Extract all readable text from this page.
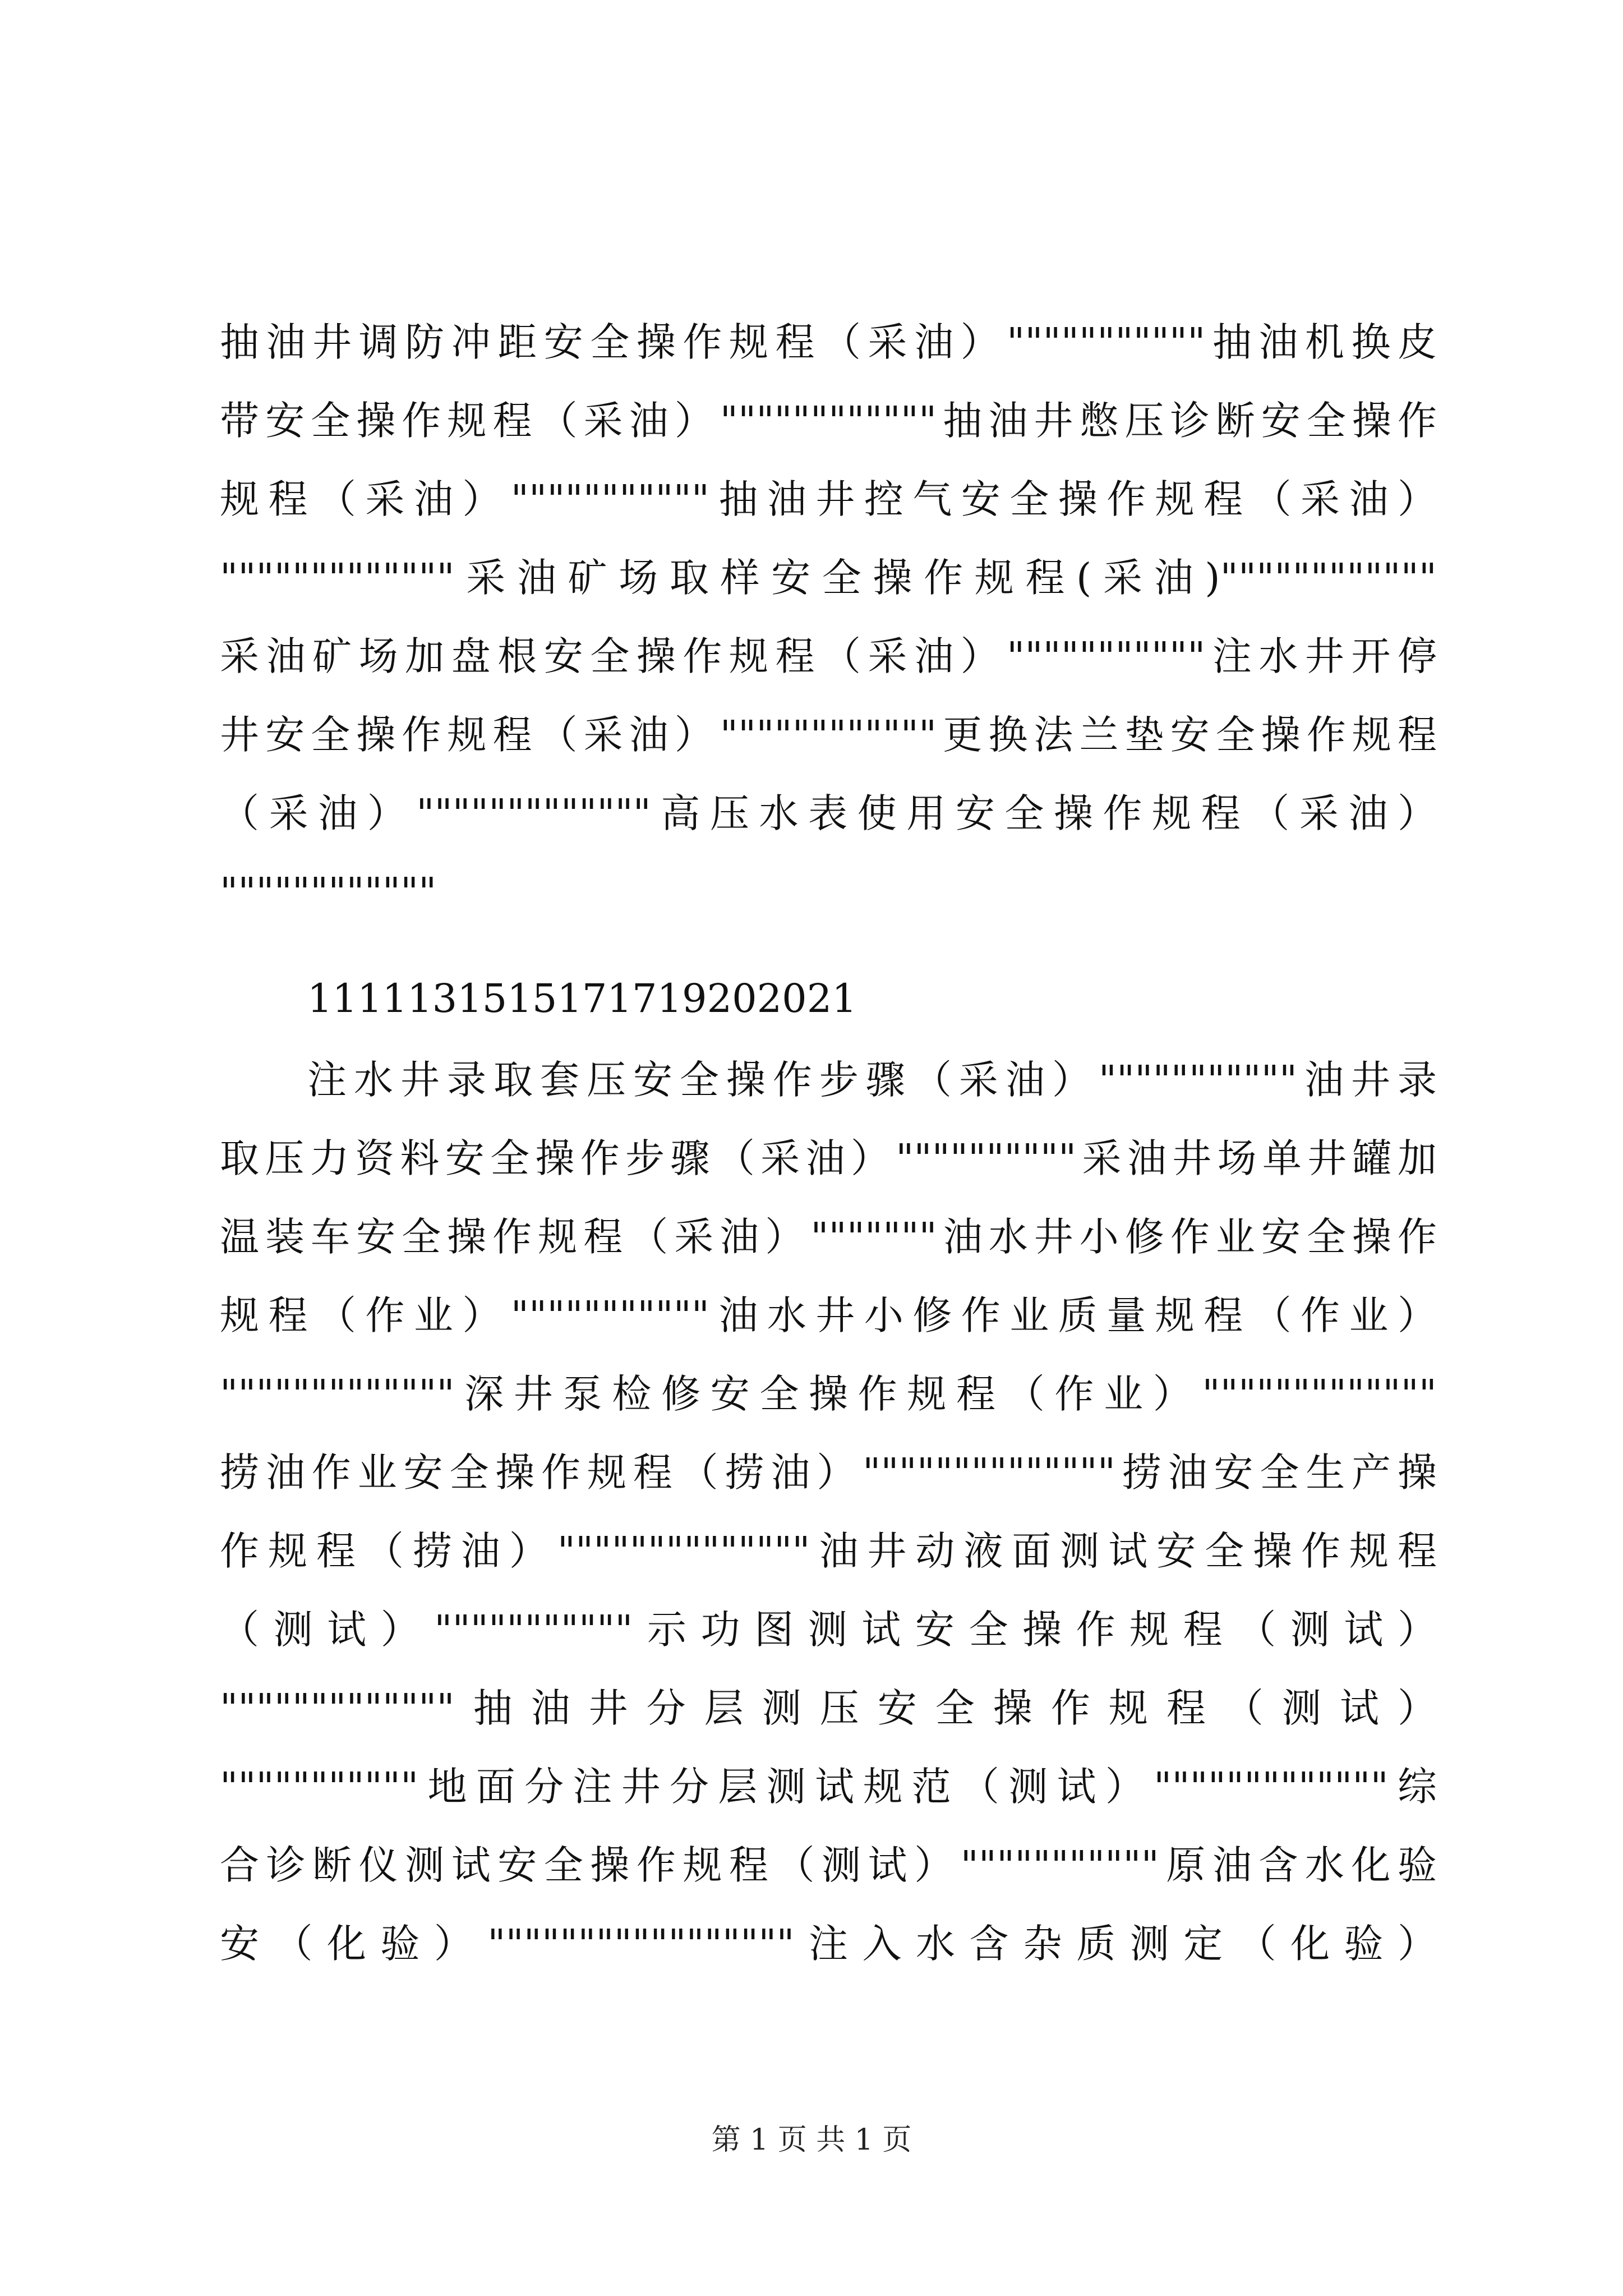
抽油井调防冲距安全操作规程（采油）"""""""""""抽油机换皮
带安全操作规程（采油）""""""""""""抽油井憋压诊断安全操作
规程（采油）"""""""""""抽油井控气安全操作规程（采油）
"""""""""""""采油矿场取样安全操作规程(采油)""""""""""""
采油矿场加盘根安全操作规程（采油）"""""""""""注水井开停
井安全操作规程（采油）""""""""""""更换法兰垫安全操作规程
（采油）"""""""""""""高压水表使用安全操作规程（采油）
""""""""""""
1111131515171719202021
注水井录取套压安全操作步骤（采油）"""""""""""油井录
取压力资料安全操作步骤（采油）""""""""""采油井场单井罐加
温装车安全操作规程（采油）"""""""油水井小修作业安全操作
规程（作业）"""""""""""油水井小修作业质量规程（作业）
"""""""""""""深井泵检修安全操作规程（作业）"""""""""""""
捞油作业安全操作规程（捞油）""""""""""""""捞油安全生产操
作规程（捞油）""""""""""""""油井动液面测试安全操作规程
（测试）"""""""""""示功图测试安全操作规程（测试）
"""""""""""""抽油井分层测压安全操作规程（测试）
"""""""""""地面分注井分层测试规范（测试）"""""""""""""综
合诊断仪测试安全操作规程（测试）"""""""""""原油含水化验
安（化验）"""""""""""""""""注入水含杂质测定（化验）
第 1 页 共 1 页
